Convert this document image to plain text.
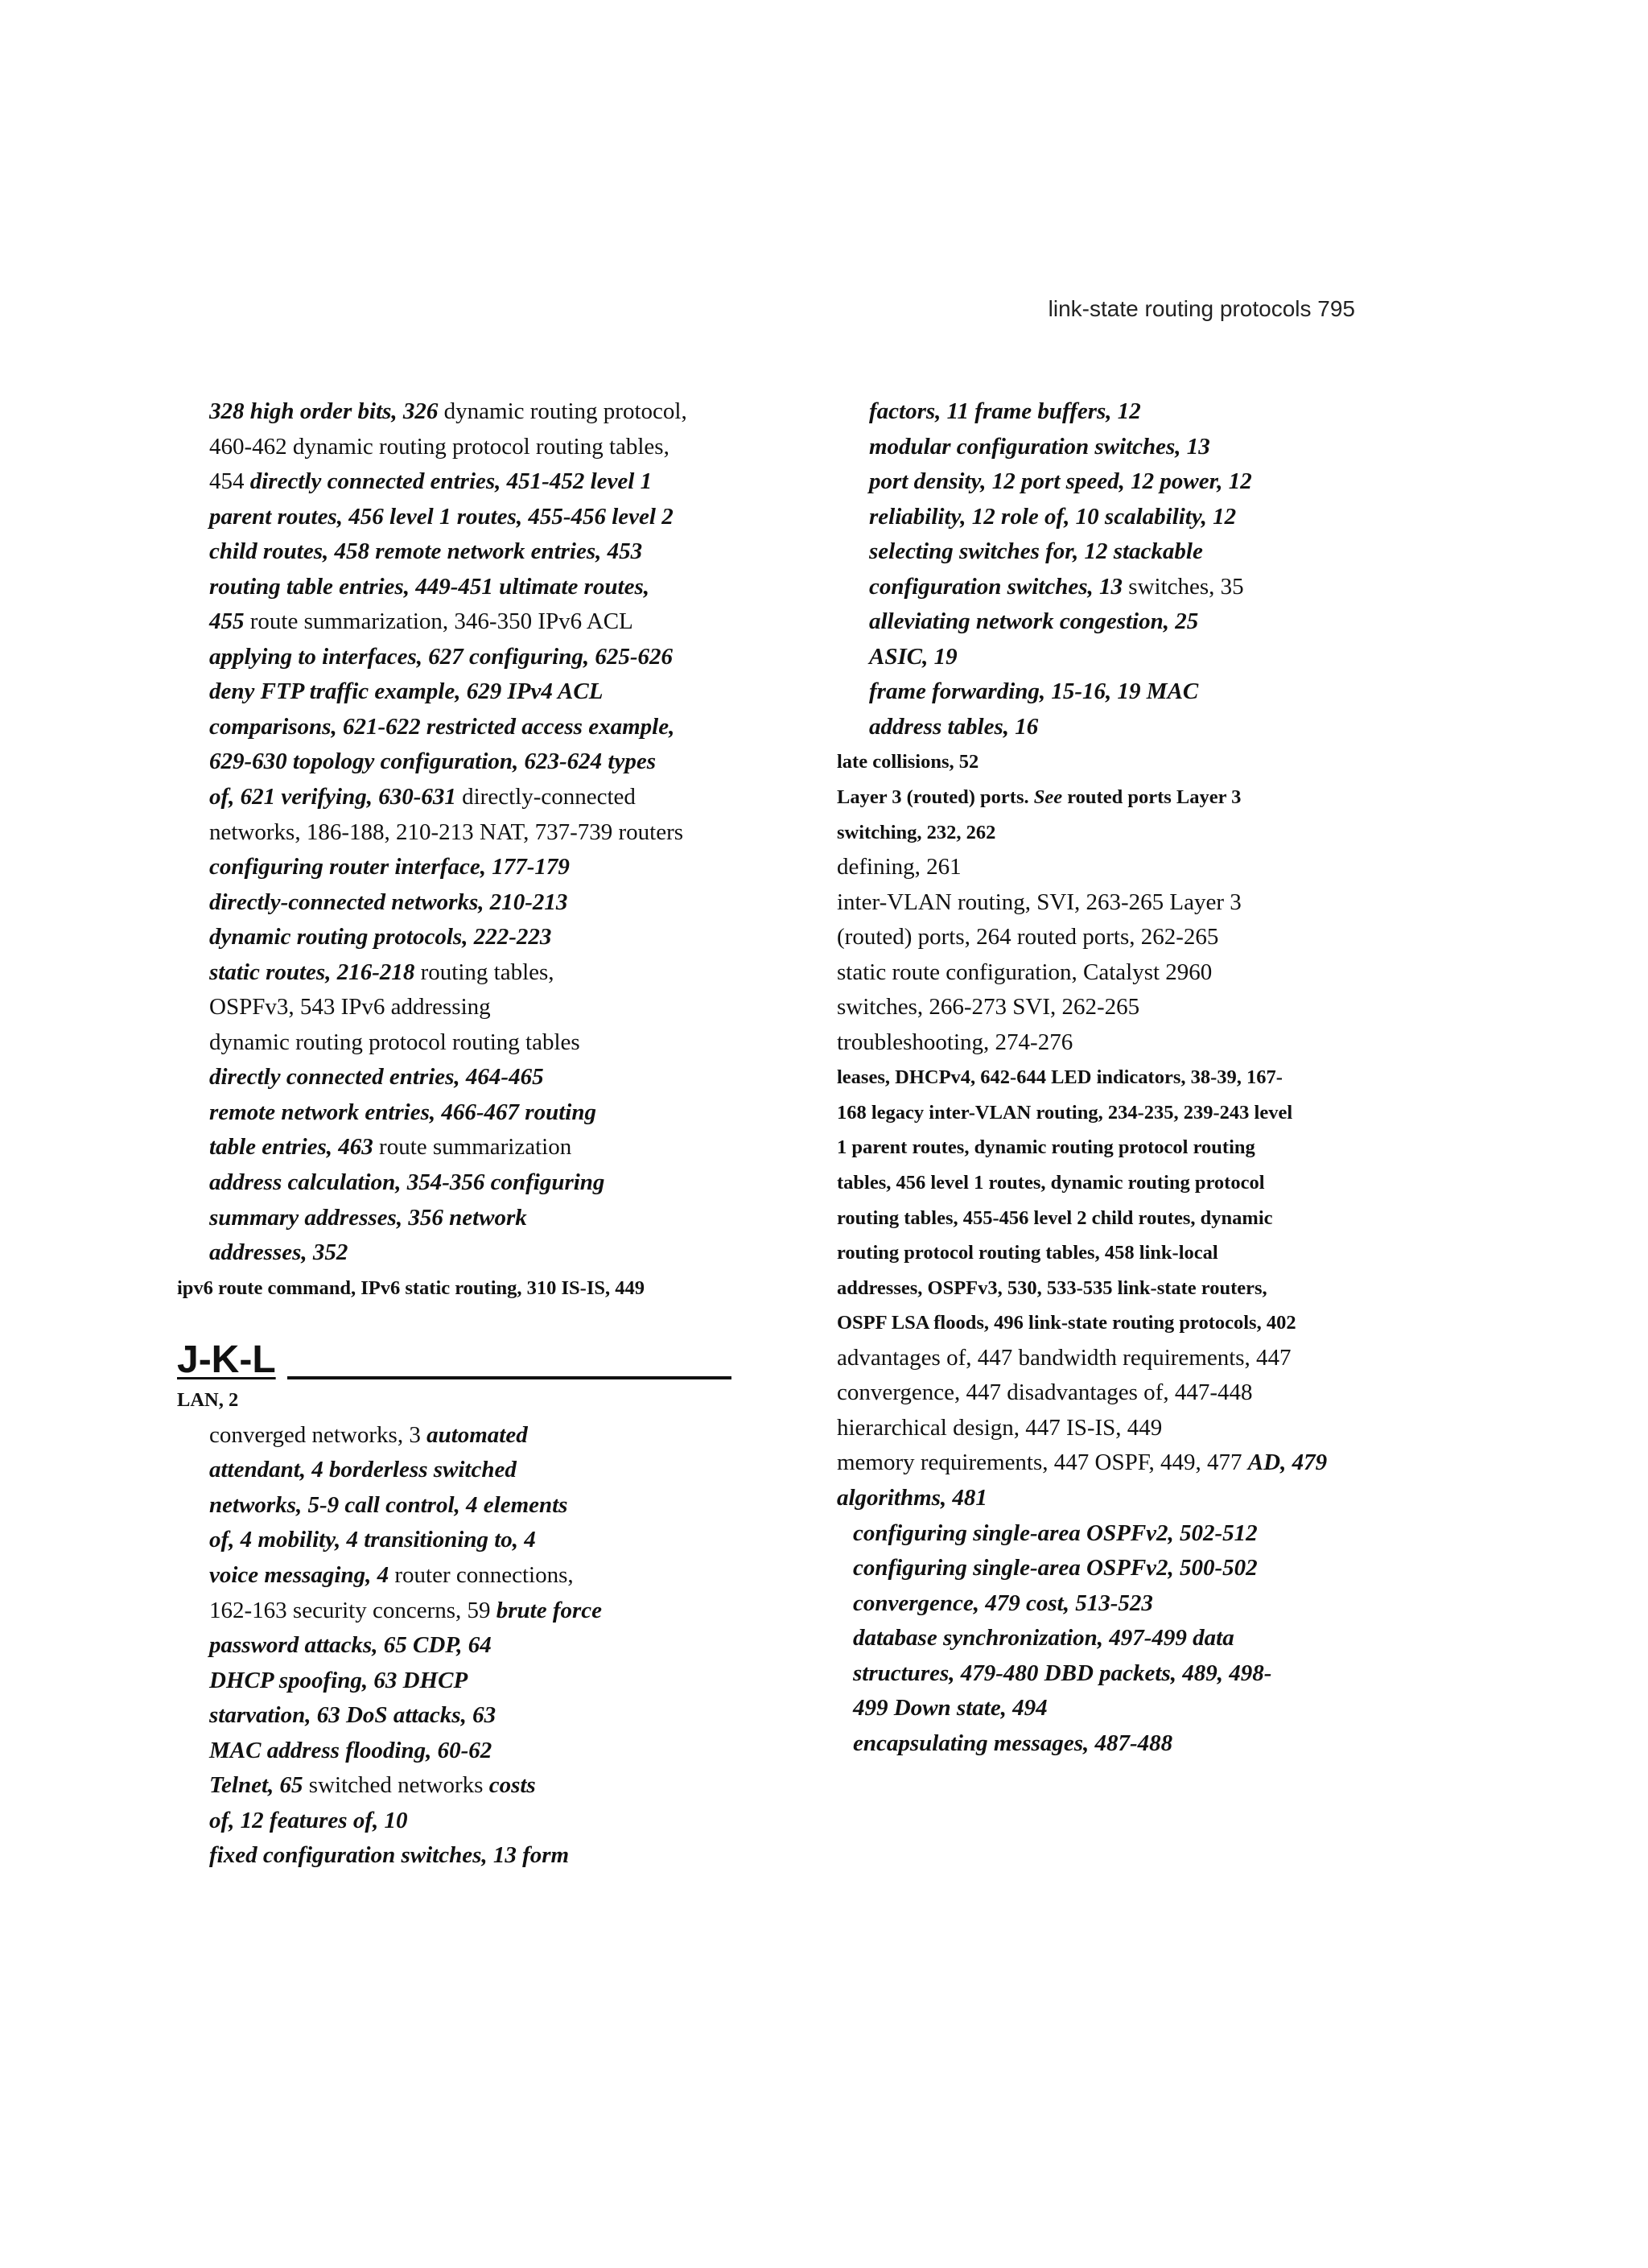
link-state routing protocols 795
328 high order bits, 326 dynamic routing protocol,
460-462 dynamic routing protocol routing tables,
454 directly connected entries, 451-452 level 1
parent routes, 456 level 1 routes, 455-456 level 2
child routes, 458 remote network entries, 453
routing table entries, 449-451 ultimate routes,
455 route summarization, 346-350 IPv6 ACL
applying to interfaces, 627 configuring, 625-626
deny FTP traffic example, 629 IPv4 ACL
comparisons, 621-622 restricted access example,
629-630 topology configuration, 623-624 types
of, 621 verifying, 630-631 directly-connected
networks, 186-188, 210-213 NAT, 737-739 routers
configuring router interface, 177-179
directly-connected networks, 210-213
dynamic routing protocols, 222-223
static routes, 216-218 routing tables,
OSPFv3, 543 IPv6 addressing
dynamic routing protocol routing tables
directly connected entries, 464-465
remote network entries, 466-467 routing
table entries, 463 route summarization
address calculation, 354-356 configuring
summary addresses, 356 network
addresses, 352
ipv6 route command, IPv6 static routing, 310 IS-IS, 449
J-K-L
LAN, 2
converged networks, 3 automated
attendant, 4 borderless switched
networks, 5-9 call control, 4 elements
of, 4 mobility, 4 transitioning to, 4
voice messaging, 4 router connections,
162-163 security concerns, 59 brute force
password attacks, 65 CDP, 64
DHCP spoofing, 63 DHCP
starvation, 63 DoS attacks, 63
MAC address flooding, 60-62
Telnet, 65 switched networks costs
of, 12 features of, 10
fixed configuration switches, 13 form
factors, 11 frame buffers, 12
modular configuration switches, 13
port density, 12 port speed, 12 power, 12
reliability, 12 role of, 10 scalability, 12
selecting switches for, 12 stackable
configuration switches, 13 switches, 35
alleviating network congestion, 25
ASIC, 19
frame forwarding, 15-16, 19 MAC
address tables, 16
late collisions, 52
Layer 3 (routed) ports. See routed ports Layer 3
switching, 232, 262
defining, 261
inter-VLAN routing, SVI, 263-265 Layer 3
(routed) ports, 264 routed ports, 262-265
static route configuration, Catalyst 2960
switches, 266-273 SVI, 262-265
troubleshooting, 274-276
leases, DHCPv4, 642-644 LED indicators, 38-39, 167-
168 legacy inter-VLAN routing, 234-235, 239-243 level
1 parent routes, dynamic routing protocol routing
tables, 456 level 1 routes, dynamic routing protocol
routing tables, 455-456 level 2 child routes, dynamic
routing protocol routing tables, 458 link-local
addresses, OSPFv3, 530, 533-535 link-state routers,
OSPF LSA floods, 496 link-state routing protocols, 402
advantages of, 447 bandwidth requirements, 447
convergence, 447 disadvantages of, 447-448
hierarchical design, 447 IS-IS, 449
memory requirements, 447 OSPF, 449, 477 AD, 479
algorithms, 481
configuring single-area OSPFv2, 502-512
configuring single-area OSPFv2, 500-502
convergence, 479 cost, 513-523
database synchronization, 497-499 data
structures, 479-480 DBD packets, 489, 498-
499 Down state, 494
encapsulating messages, 487-488
